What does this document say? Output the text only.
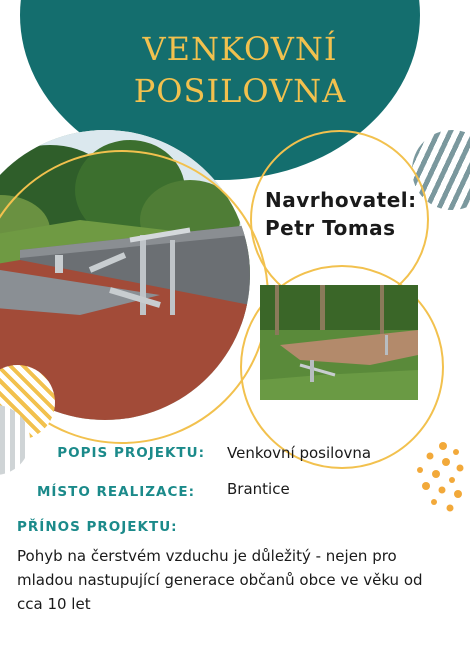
VENKOVNÍ
POSILOVNA
Navrhovatel:
Petr Tomas
POPIS PROJEKTU: Venkovní posilovna
MÍSTO REALIZACE: Brantice
PŘÍNOS PROJEKTU:
Pohyb na čerstvém vzduchu je důležitý - nejen pro mladou nastupující generace občanů obce ve věku od cca 10 let
